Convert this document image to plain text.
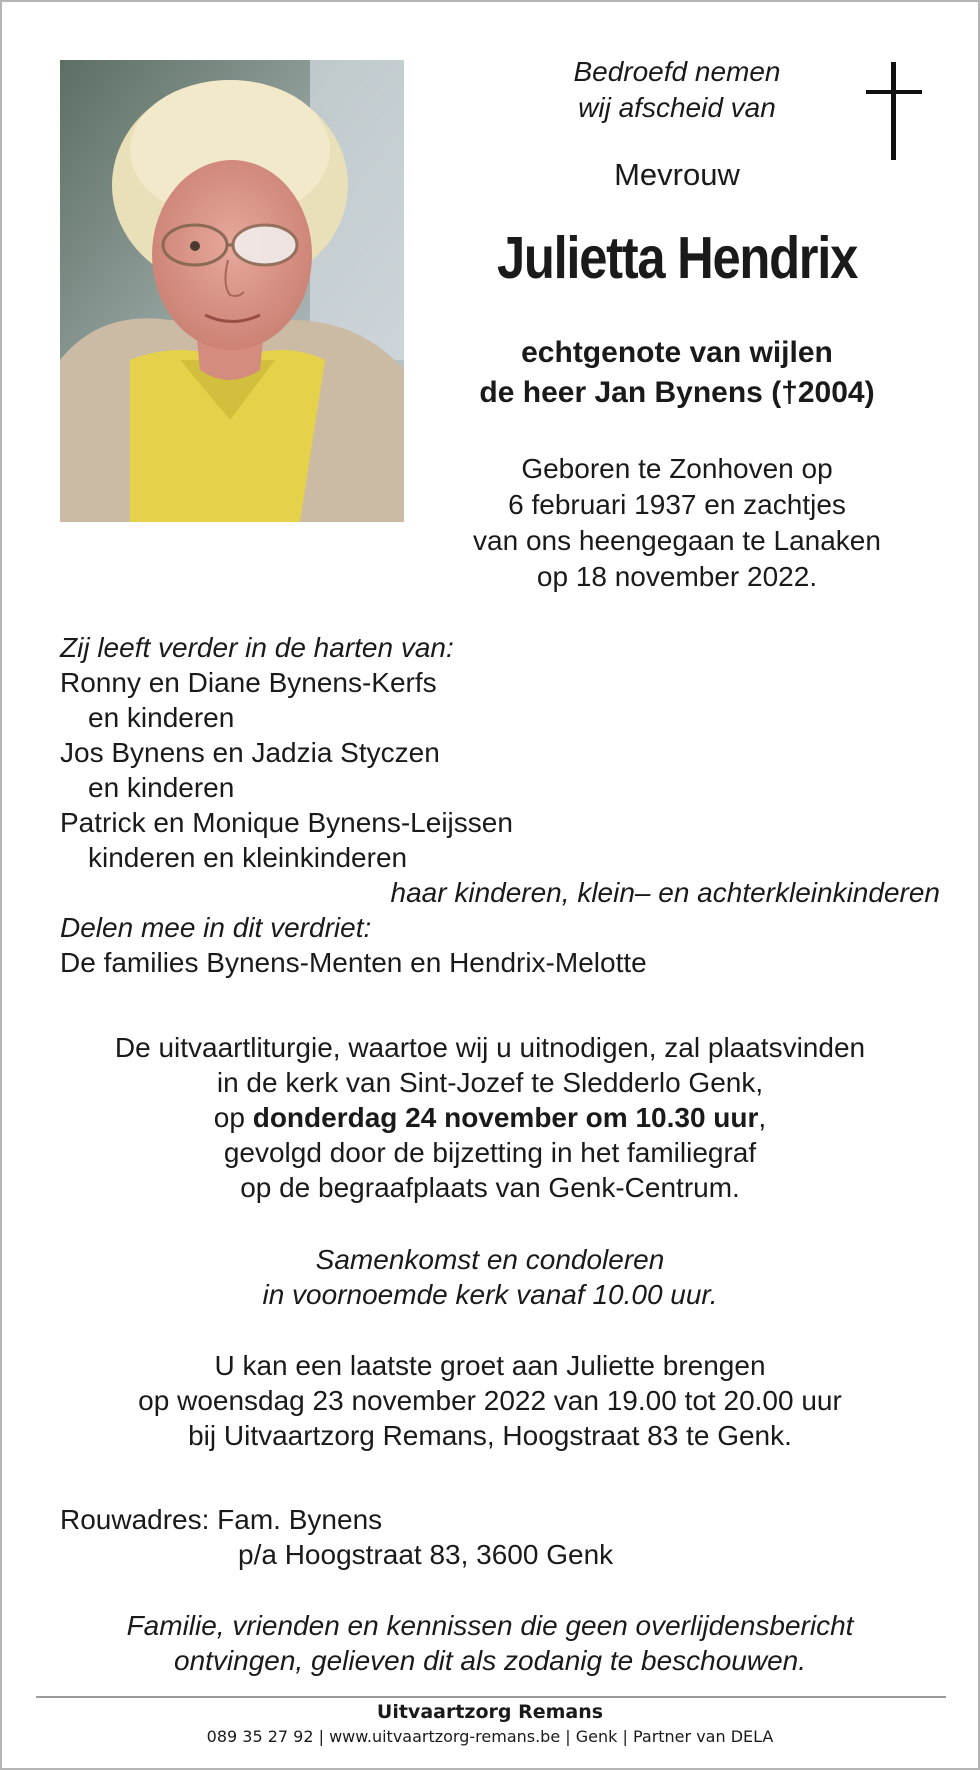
Bedroefd nemen
wij afscheid van
Mevrouw
Julietta Hendrix
echtgenote van wijlen
de heer Jan Bynens (†2004)
Geboren te Zonhoven op
6 februari 1937 en zachtjes
van ons heengegaan te Lanaken
op 18 november 2022.
Zij leeft verder in de harten van:
Ronny en Diane Bynens-Kerfs
en kinderen
Jos Bynens en Jadzia Styczen
en kinderen
Patrick en Monique Bynens-Leijssen
kinderen en kleinkinderen
haar kinderen, klein– en achterkleinkinderen
Delen mee in dit verdriet:
De families Bynens-Menten en Hendrix-Melotte
De uitvaartliturgie, waartoe wij u uitnodigen, zal plaatsvinden
in de kerk van Sint-Jozef te Sledderlo Genk,
op donderdag 24 november om 10.30 uur,
gevolgd door de bijzetting in het familiegraf
op de begraafplaats van Genk-Centrum.
Samenkomst en condoleren
in voornoemde kerk vanaf 10.00 uur.
U kan een laatste groet aan Juliette brengen
op woensdag 23 november 2022 van 19.00 tot 20.00 uur
bij Uitvaartzorg Remans, Hoogstraat 83 te Genk.
Rouwadres: Fam. Bynens
p/a Hoogstraat 83, 3600 Genk
Familie, vrienden en kennissen die geen overlijdensbericht
ontvingen, gelieven dit als zodanig te beschouwen.
Uitvaartzorg Remans
089 35 27 92 | www.uitvaartzorg-remans.be | Genk | Partner van DELA
